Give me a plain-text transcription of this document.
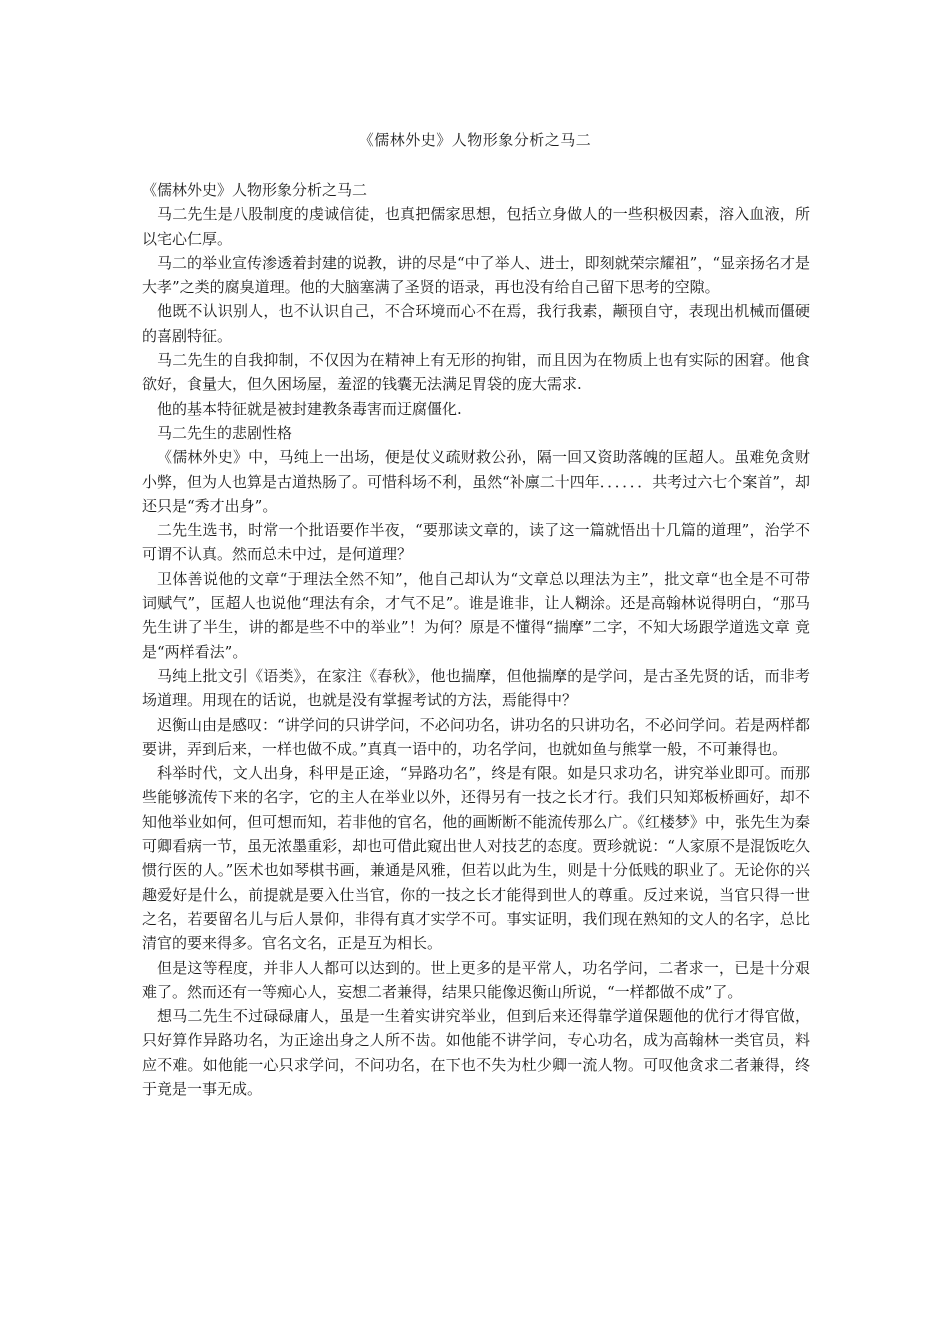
《儒林外史》人物形象分析之马二

《儒林外史》人物形象分析之马二

马二先生是八股制度的虔诚信徒，也真把儒家思想，包括立身做人的一些积极因素，溶入血液，所以宅心仁厚。

马二的举业宣传渗透着封建的说教，讲的尽是“中了举人、进士，即刻就荣宗耀祖”，“显亲扬名才是大孝”之类的腐臭道理。他的大脑塞满了圣贤的语录，再也没有给自己留下思考的空隙。

他既不认识别人，也不认识自己，不合环境而心不在焉，我行我素，颟顸自守，表现出机械而僵硬的喜剧特征。

马二先生的自我抑制，不仅因为在精神上有无形的拘钳，而且因为在物质上也有实际的困窘。他食欲好，食量大，但久困场屋，羞涩的钱囊无法满足胃袋的庞大需求.

他的基本特征就是被封建教条毒害而迂腐僵化.

马二先生的悲剧性格

《儒林外史》中，马纯上一出场，便是仗义疏财救公孙，隔一回又资助落魄的匡超人。虽难免贪财小弊，但为人也算是古道热肠了。可惜科场不利，虽然“补廪二十四年．．．．．．共考过六七个案首”，却还只是“秀才出身”。

二先生选书，时常一个批语要作半夜，“要那读文章的，读了这一篇就悟出十几篇的道理”，治学不可谓不认真。然而总未中过，是何道理？

卫体善说他的文章“于理法全然不知”，他自己却认为“文章总以理法为主”，批文章“也全是不可带词赋气”，匡超人也说他“理法有余，才气不足”。谁是谁非，让人糊涂。还是高翰林说得明白，“那马先生讲了半生，讲的都是些不中的举业”！为何？原是不懂得“揣摩”二字，不知大场跟学道选文章 竟是“两样看法”。

马纯上批文引《语类》，在家注《春秋》，他也揣摩，但他揣摩的是学问，是古圣先贤的话，而非考场道理。用现在的话说，也就是没有掌握考试的方法，焉能得中？

迟衡山由是感叹：“讲学问的只讲学问，不必问功名，讲功名的只讲功名，不必问学问。若是两样都要讲，弄到后来，一样也做不成。”真真一语中的，功名学问，也就如鱼与熊掌一般，不可兼得也。

科举时代，文人出身，科甲是正途，“异路功名”，终是有限。如是只求功名，讲究举业即可。而那些能够流传下来的名字，它的主人在举业以外，还得另有一技之长才行。我们只知郑板桥画好，却不知他举业如何，但可想而知，若非他的官名，他的画断断不能流传那么广。《红楼梦》中，张先生为秦可卿看病一节，虽无浓墨重彩，却也可借此窥出世人对技艺的态度。贾珍就说：“人家原不是混饭吃久惯行医的人。”医术也如琴棋书画，兼通是风雅，但若以此为生，则是十分低贱的职业了。无论你的兴趣爱好是什么，前提就是要入仕当官，你的一技之长才能得到世人的尊重。反过来说，当官只得一世之名，若要留名儿与后人景仰，非得有真才实学不可。事实证明，我们现在熟知的文人的名字，总比清官的要来得多。官名文名，正是互为相长。

但是这等程度，并非人人都可以达到的。世上更多的是平常人，功名学问，二者求一，已是十分艰难了。然而还有一等痴心人，妄想二者兼得，结果只能像迟衡山所说，“一样都做不成”了。

想马二先生不过碌碌庸人，虽是一生着实讲究举业，但到后来还得靠学道保题他的优行才得官做，只好算作异路功名，为正途出身之人所不齿。如他能不讲学问，专心功名，成为高翰林一类官员，料应不难。如他能一心只求学问，不问功名，在下也不失为杜少卿一流人物。可叹他贪求二者兼得，终于竟是一事无成。
